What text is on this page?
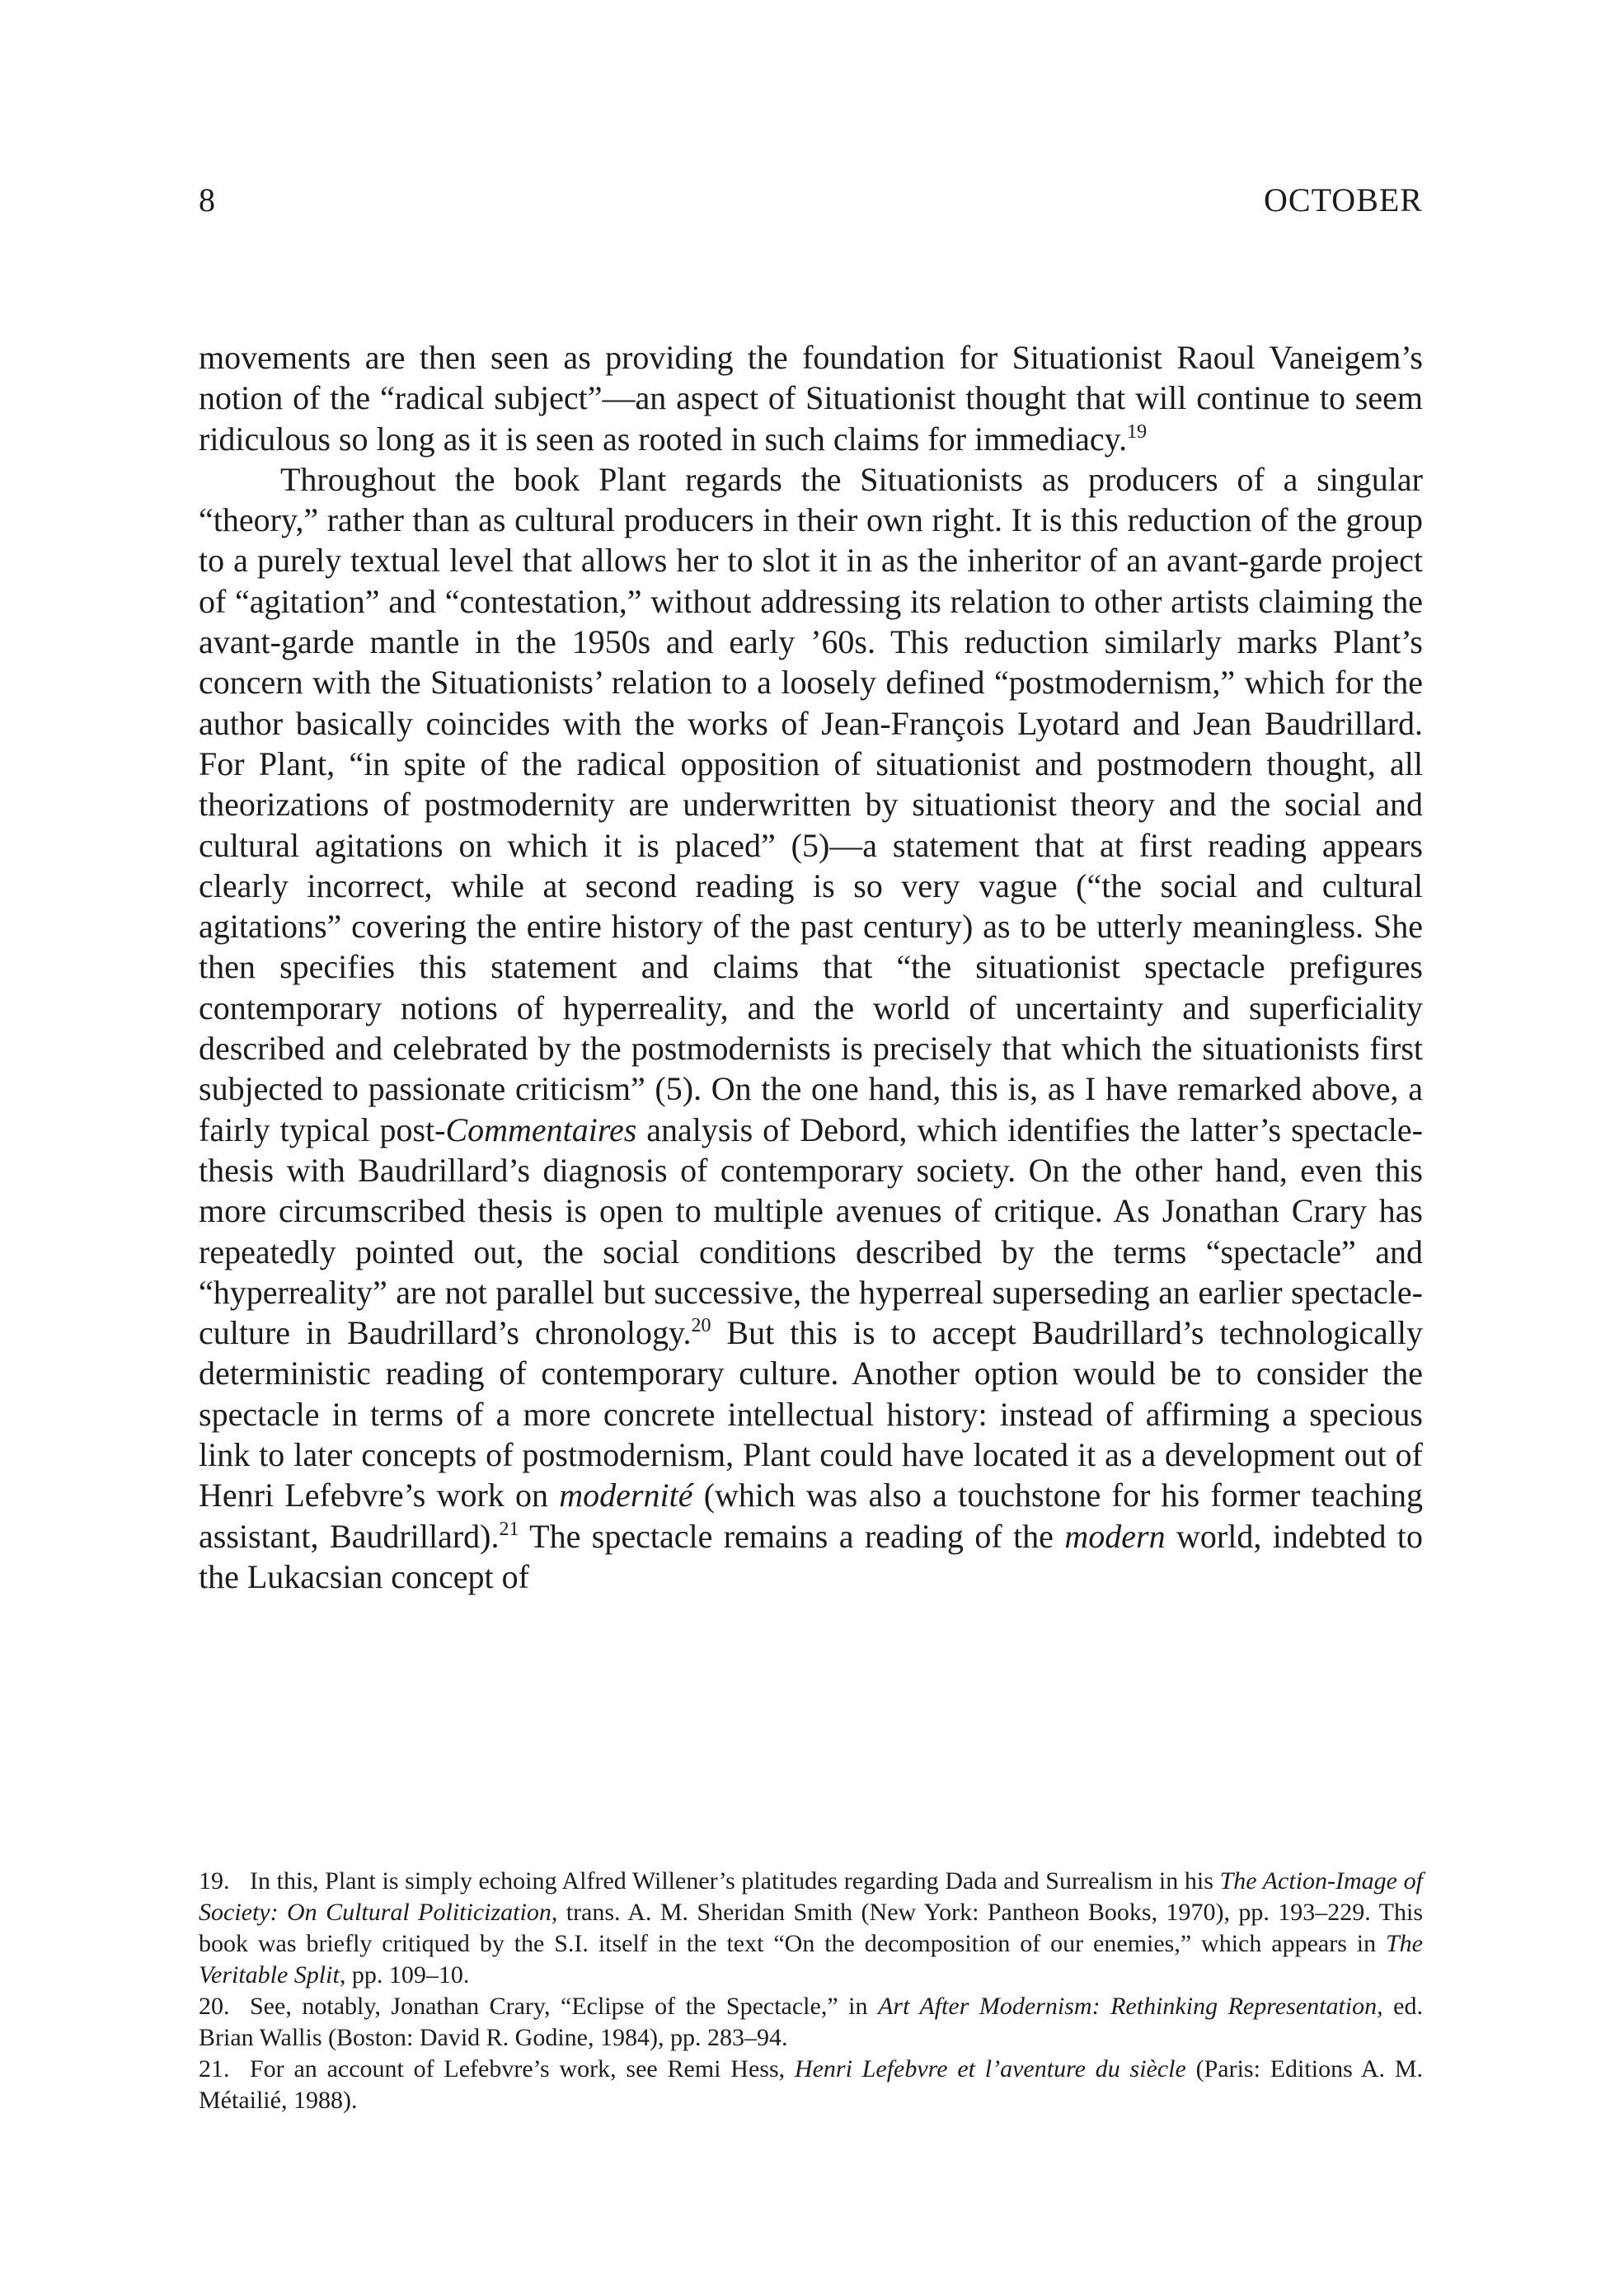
8	OCTOBER

movements are then seen as providing the foundation for Situationist Raoul Vaneigem’s notion of the “radical subject”—an aspect of Situationist thought that will continue to seem ridiculous so long as it is seen as rooted in such claims for immediacy.$^{19}$

Throughout the book Plant regards the Situationists as producers of a singular “theory,” rather than as cultural producers in their own right. It is this reduction of the group to a purely textual level that allows her to slot it in as the inheritor of an avant-garde project of “agitation” and “contestation,” without addressing its relation to other artists claiming the avant-garde mantle in the 1950s and early ’60s. This reduction similarly marks Plant’s concern with the Situationists’ relation to a loosely defined “postmodernism,” which for the author basically coincides with the works of Jean-François Lyotard and Jean Baudrillard. For Plant, “in spite of the radical opposition of situationist and postmodern thought, all theorizations of postmodernity are underwritten by situationist theory and the social and cultural agitations on which it is placed” (5)—a statement that at first reading appears clearly incorrect, while at second reading is so very vague (“the social and cultural agitations” covering the entire history of the past century) as to be utterly meaningless. She then specifies this statement and claims that “the situationist spectacle prefigures contemporary notions of hyperreality, and the world of uncertainty and superficiality described and celebrated by the postmodernists is precisely that which the situationists first subjected to passionate criticism” (5). On the one hand, this is, as I have remarked above, a fairly typical post-Commentaires analysis of Debord, which identifies the latter’s spectacle-thesis with Baudrillard’s diagnosis of contemporary society. On the other hand, even this more circumscribed thesis is open to multiple avenues of critique. As Jonathan Crary has repeatedly pointed out, the social conditions described by the terms “spectacle” and “hyperreality” are not parallel but successive, the hyperreal superseding an earlier spectacle-culture in Baudrillard’s chronology.$^{20}$ But this is to accept Baudrillard’s technologically deterministic reading of contemporary culture. Another option would be to consider the spectacle in terms of a more concrete intellectual history: instead of affirming a specious link to later concepts of postmodernism, Plant could have located it as a development out of Henri Lefebvre’s work on modernité (which was also a touchstone for his former teaching assistant, Baudrillard).$^{21}$ The spectacle remains a reading of the modern world, indebted to the Lukacsian concept of

19. In this, Plant is simply echoing Alfred Willener’s platitudes regarding Dada and Surrealism in his The Action-Image of Society: On Cultural Politicization, trans. A. M. Sheridan Smith (New York: Pantheon Books, 1970), pp. 193–229. This book was briefly critiqued by the S.I. itself in the text “On the decomposition of our enemies,” which appears in The Veritable Split, pp. 109–10.

20. See, notably, Jonathan Crary, “Eclipse of the Spectacle,” in Art After Modernism: Rethinking Representation, ed. Brian Wallis (Boston: David R. Godine, 1984), pp. 283–94.

21. For an account of Lefebvre’s work, see Remi Hess, Henri Lefebvre et l’aventure du siècle (Paris: Editions A. M. Métailié, 1988).
